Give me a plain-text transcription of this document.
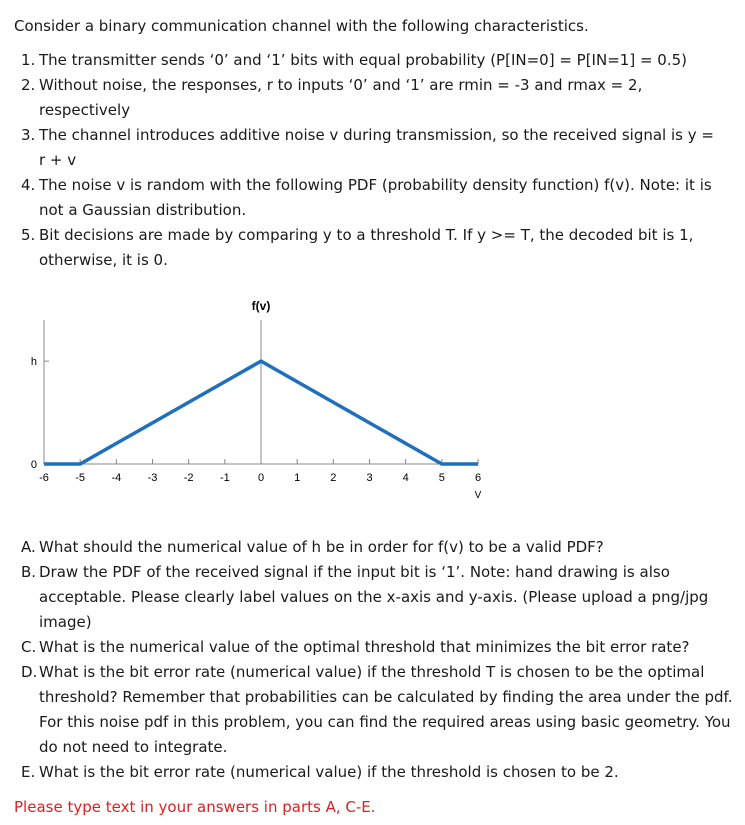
Consider a binary communication channel with the following characteristics.
1. The transmitter sends ‘0’ and ‘1’ bits with equal probability (P[IN=0] = P[IN=1] = 0.5)
2. Without noise, the responses, r to inputs ‘0’ and ‘1’ are rmin = -3 and rmax = 2, respectively
3. The channel introduces additive noise v during transmission, so the received signal is y = r + v
4. The noise v is random with the following PDF (probability density function) f(v). Note: it is not a Gaussian distribution.
5. Bit decisions are made by comparing y to a threshold T. If y >= T, the decoded bit is 1, otherwise, it is 0.
f(v)
0
h
-6 -5 -4 -3 -2 -1	0	1	2	3	4	5	6
V
A. What should the numerical value of h be in order for f(v) to be a valid PDF?
B. Draw the PDF of the received signal if the input bit is ‘1’. Note: hand drawing is also acceptable. Please clearly label values on the x-axis and y-axis. (Please upload a png/jpg image)
C. What is the numerical value of the optimal threshold that minimizes the bit error rate?
D. What is the bit error rate (numerical value) if the threshold T is chosen to be the optimal threshold? Remember that probabilities can be calculated by finding the area under the pdf. For this noise pdf in this problem, you can find the required areas using basic geometry. You do not need to integrate.
E. What is the bit error rate (numerical value) if the threshold is chosen to be 2.
Please type text in your answers in parts A, C-E.
